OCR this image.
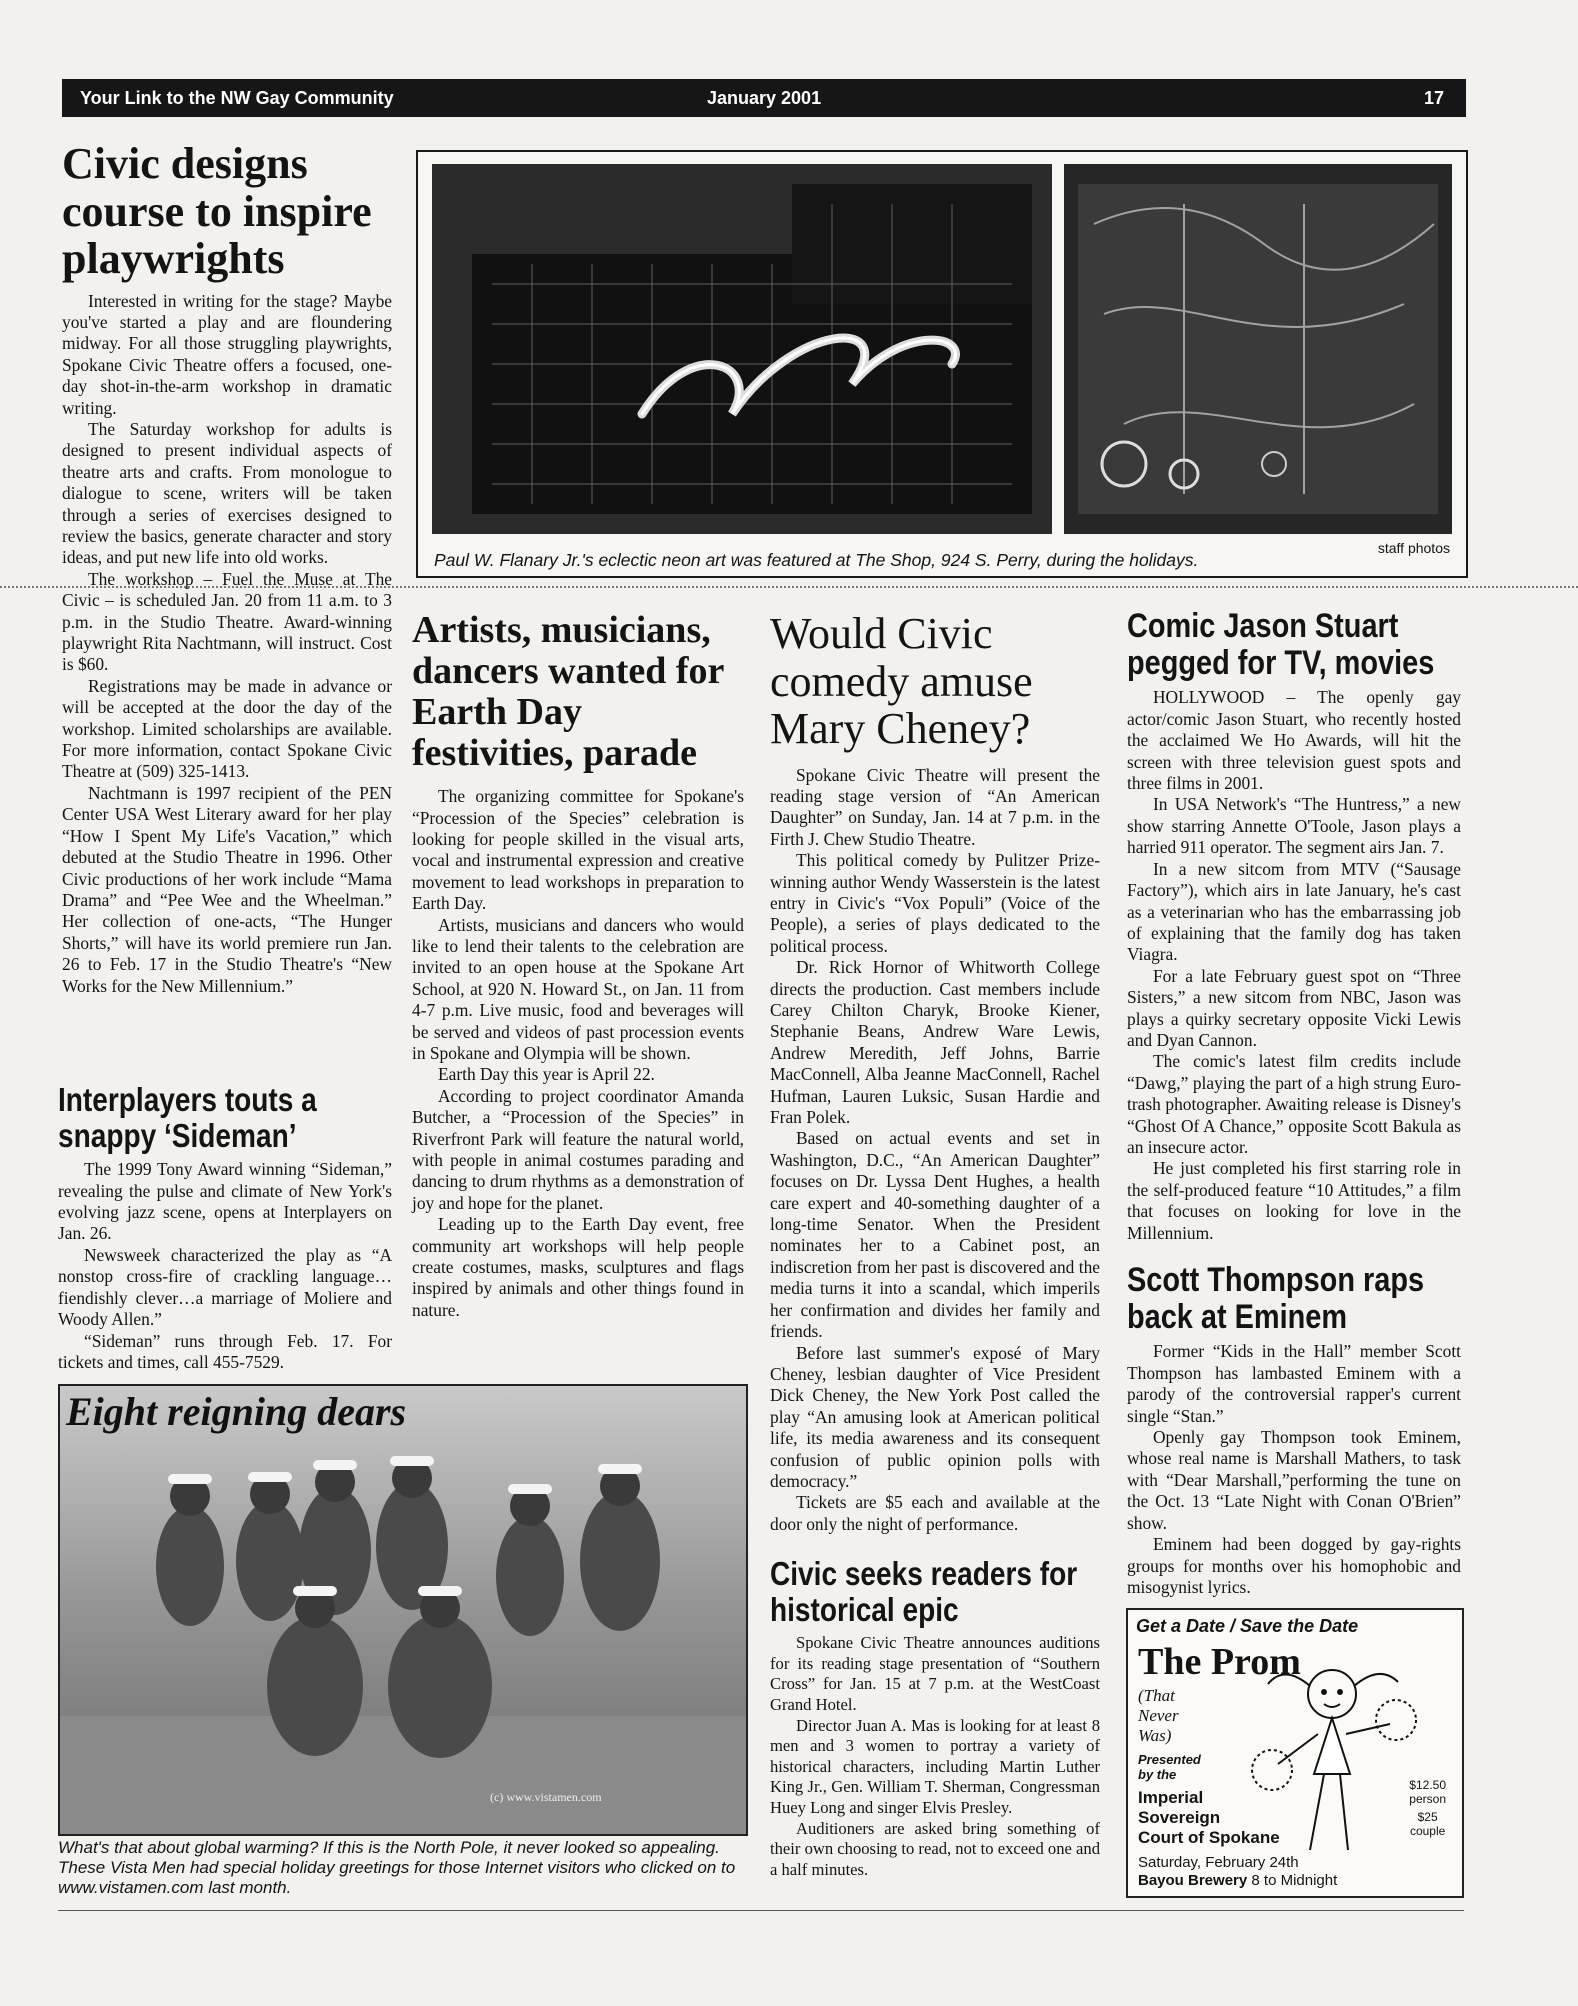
Your Link to the NW Gay Community	January 2001	17
Civic designs course to inspire playwrights

Interested in writing for the stage? Maybe you've started a play and are floundering midway. For all those struggling playwrights, Spokane Civic Theatre offers a focused, one-day shot-in-the-arm workshop in dramatic writing.

The Saturday workshop for adults is designed to present individual aspects of theatre arts and crafts. From monologue to dialogue to scene, writers will be taken through a series of exercises designed to review the basics, generate character and story ideas, and put new life into old works.

The workshop – Fuel the Muse at The Civic – is scheduled Jan. 20 from 11 a.m. to 3 p.m. in the Studio Theatre. Award-winning playwright Rita Nachtmann, will instruct. Cost is $60.

Registrations may be made in advance or will be accepted at the door the day of the workshop. Limited scholarships are available. For more information, contact Spokane Civic Theatre at (509) 325-1413.

Nachtmann is 1997 recipient of the PEN Center USA West Literary award for her play “How I Spent My Life's Vacation,” which debuted at the Studio Theatre in 1996. Other Civic productions of her work include “Mama Drama” and “Pee Wee and the Wheelman.” Her collection of one-acts, “The Hunger Shorts,” will have its world premiere run Jan. 26 to Feb. 17 in the Studio Theatre's “New Works for the New Millennium.”

Interplayers touts a snappy ‘Sideman’

The 1999 Tony Award winning “Sideman,” revealing the pulse and climate of New York's evolving jazz scene, opens at Interplayers on Jan. 26.

Newsweek characterized the play as “A nonstop cross-fire of crackling language…fiendishly clever…a marriage of Moliere and Woody Allen.”

“Sideman” runs through Feb. 17. For tickets and times, call 455-7529.

Paul W. Flanary Jr.'s eclectic neon art was featured at The Shop, 924 S. Perry, during the holidays.
staff photos
Artists, musicians, dancers wanted for Earth Day festivities, parade

The organizing committee for Spokane's “Procession of the Species” celebration is looking for people skilled in the visual arts, vocal and instrumental expression and creative movement to lead workshops in preparation to Earth Day.

Artists, musicians and dancers who would like to lend their talents to the celebration are invited to an open house at the Spokane Art School, at 920 N. Howard St., on Jan. 11 from 4-7 p.m. Live music, food and beverages will be served and videos of past procession events in Spokane and Olympia will be shown.

Earth Day this year is April 22.

According to project coordinator Amanda Butcher, a “Procession of the Species” in Riverfront Park will feature the natural world, with people in animal costumes parading and dancing to drum rhythms as a demonstration of joy and hope for the planet.

Leading up to the Earth Day event, free community art workshops will help people create costumes, masks, sculptures and flags inspired by animals and other things found in nature.

Would Civic comedy amuse Mary Cheney?

Spokane Civic Theatre will present the reading stage version of “An American Daughter” on Sunday, Jan. 14 at 7 p.m. in the Firth J. Chew Studio Theatre.

This political comedy by Pulitzer Prize-winning author Wendy Wasserstein is the latest entry in Civic's “Vox Populi” (Voice of the People), a series of plays dedicated to the political process.

Dr. Rick Hornor of Whitworth College directs the production. Cast members include Carey Chilton Charyk, Brooke Kiener, Stephanie Beans, Andrew Ware Lewis, Andrew Meredith, Jeff Johns, Barrie MacConnell, Alba Jeanne MacConnell, Rachel Hufman, Lauren Luksic, Susan Hardie and Fran Polek.

Based on actual events and set in Washington, D.C., “An American Daughter” focuses on Dr. Lyssa Dent Hughes, a health care expert and 40-something daughter of a long-time Senator. When the President nominates her to a Cabinet post, an indiscretion from her past is discovered and the media turns it into a scandal, which imperils her confirmation and divides her family and friends.

Before last summer's exposé of Mary Cheney, lesbian daughter of Vice President Dick Cheney, the New York Post called the play “An amusing look at American political life, its media awareness and its consequent confusion of public opinion polls with democracy.”

Tickets are $5 each and available at the door only the night of performance.

Civic seeks readers for historical epic

Spokane Civic Theatre announces auditions for its reading stage presentation of “Southern Cross” for Jan. 15 at 7 p.m. at the WestCoast Grand Hotel.

Director Juan A. Mas is looking for at least 8 men and 3 women to portray a variety of historical characters, including Martin Luther King Jr., Gen. William T. Sherman, Congressman Huey Long and singer Elvis Presley.

Auditioners are asked bring something of their own choosing to read, not to exceed one and a half minutes.

Comic Jason Stuart pegged for TV, movies

HOLLYWOOD – The openly gay actor/comic Jason Stuart, who recently hosted the acclaimed We Ho Awards, will hit the screen with three television guest spots and three films in 2001.

In USA Network's “The Huntress,” a new show starring Annette O'Toole, Jason plays a harried 911 operator. The segment airs Jan. 7.

In a new sitcom from MTV (“Sausage Factory”), which airs in late January, he's cast as a veterinarian who has the embarrassing job of explaining that the family dog has taken Viagra.

For a late February guest spot on “Three Sisters,” a new sitcom from NBC, Jason was plays a quirky secretary opposite Vicki Lewis and Dyan Cannon.

The comic's latest film credits include “Dawg,” playing the part of a high strung Euro-trash photographer. Awaiting release is Disney's “Ghost Of A Chance,” opposite Scott Bakula as an insecure actor.

He just completed his first starring role in the self-produced feature “10 Attitudes,” a film that focuses on looking for love in the Millennium.

Scott Thompson raps back at Eminem

Former “Kids in the Hall” member Scott Thompson has lambasted Eminem with a parody of the controversial rapper's current single “Stan.”

Openly gay Thompson took Eminem, whose real name is Marshall Mathers, to task with “Dear Marshall,”performing the tune on the Oct. 13 “Late Night with Conan O'Brien” show.

Eminem had been dogged by gay-rights groups for months over his homophobic and misogynist lyrics.

Eight reigning dears
(c) www.vistamen.com
What's that about global warming? If this is the North Pole, it never looked so appealing. These Vista Men had special holiday greetings for those Internet visitors who clicked on to www.vistamen.com last month.
Get a Date / Save the Date
The Prom
(That
Never
Was)
Presented
by the
Imperial
Sovereign
Court of Spokane
$12.50
person
$25
couple
Saturday, February 24th
Bayou Brewery 8 to Midnight
